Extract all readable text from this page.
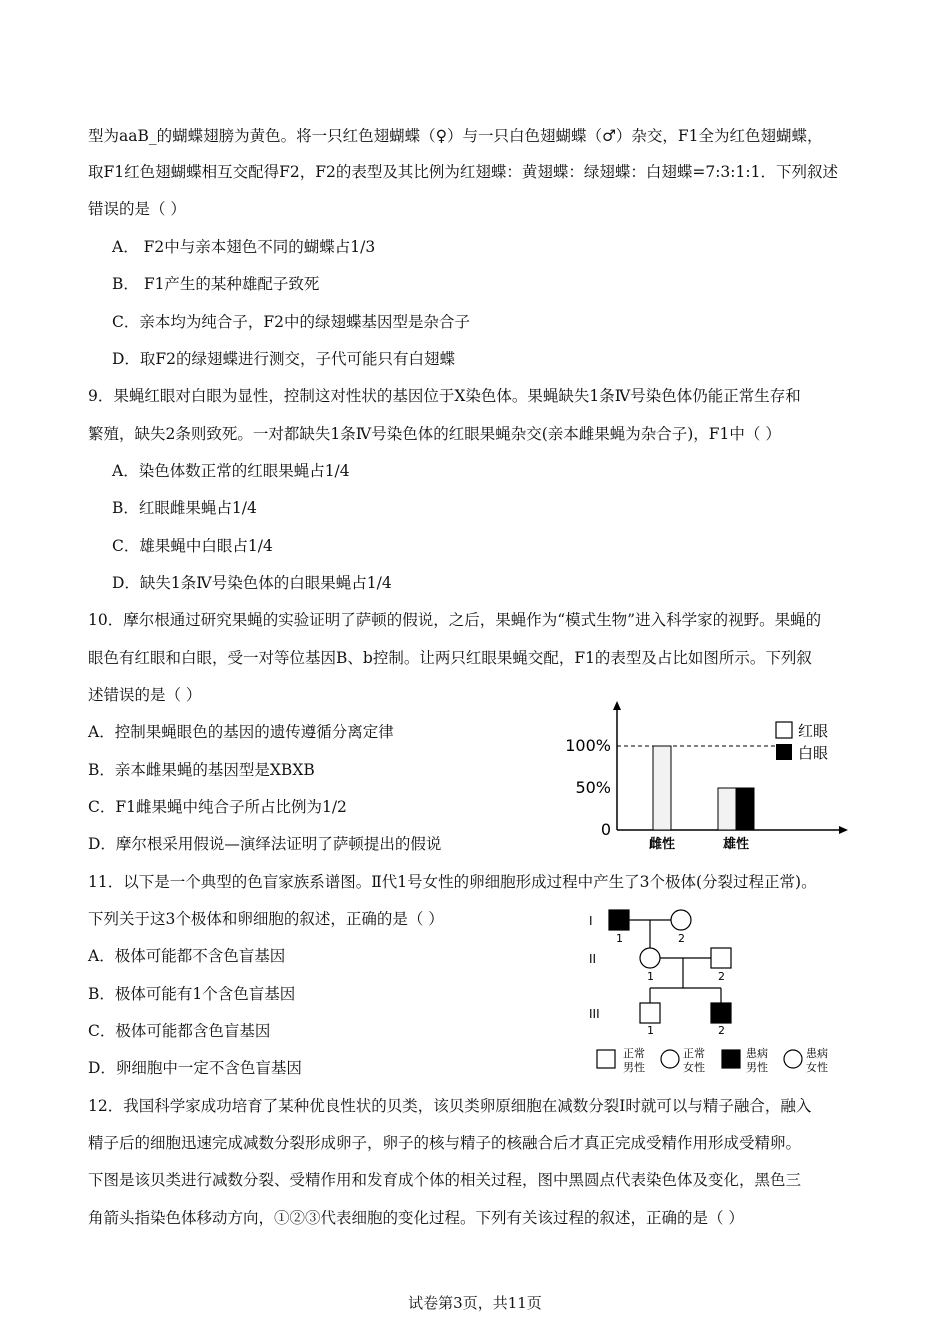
型为aaB_的蝴蝶翅膀为黄色。将一只红色翅蝴蝶（♀）与一只白色翅蝴蝶（♂）杂交，F1全为红色翅蝴蝶，
取F1红色翅蝴蝶相互交配得F2，F2的表型及其比例为红翅蝶：黄翅蝶：绿翅蝶：白翅蝶=7:3:1:1．下列叙述
错误的是（ ）
A． F2中与亲本翅色不同的蝴蝶占1/3
B． F1产生的某种雄配子致死
C．亲本均为纯合子，F2中的绿翅蝶基因型是杂合子
D．取F2的绿翅蝶进行测交，子代可能只有白翅蝶
9．果蝇红眼对白眼为显性，控制这对性状的基因位于X染色体。果蝇缺失1条Ⅳ号染色体仍能正常生存和
繁殖，缺失2条则致死。一对都缺失1条Ⅳ号染色体的红眼果蝇杂交(亲本雌果蝇为杂合子)，F1中（ ）
A．染色体数正常的红眼果蝇占1/4
B．红眼雌果蝇占1/4
C．雄果蝇中白眼占1/4
D．缺失1条Ⅳ号染色体的白眼果蝇占1/4
10．摩尔根通过研究果蝇的实验证明了萨顿的假说，之后，果蝇作为“模式生物”进入科学家的视野。果蝇的
眼色有红眼和白眼，受一对等位基因B、b控制。让两只红眼果蝇交配，F1的表型及占比如图所示。下列叙
述错误的是（ ）
A．控制果蝇眼色的基因的遗传遵循分离定律
B．亲本雌果蝇的基因型是XBXB
C．F1雌果蝇中纯合子所占比例为1/2
D．摩尔根采用假说—演绎法证明了萨顿提出的假说
100%
50%
0
雌性	雄性
红眼
白眼
11．以下是一个典型的色盲家族系谱图。Ⅱ代1号女性的卵细胞形成过程中产生了3个极体(分裂过程正常)。
下列关于这3个极体和卵细胞的叙述，正确的是（ ）
A．极体可能都不含色盲基因
B．极体可能有1个含色盲基因
C．极体可能都含色盲基因
D．卵细胞中一定不含色盲基因
I
II
III
1	2
1	2
1	2
正常
男性
正常
女性
患病
男性
患病
女性
12．我国科学家成功培育了某种优良性状的贝类，该贝类卵原细胞在减数分裂Ⅰ时就可以与精子融合，融入
精子后的细胞迅速完成减数分裂形成卵子，卵子的核与精子的核融合后才真正完成受精作用形成受精卵。
下图是该贝类进行减数分裂、受精作用和发育成个体的相关过程，图中黑圆点代表染色体及变化，黑色三
角箭头指染色体移动方向，①②③代表细胞的变化过程。下列有关该过程的叙述，正确的是（ ）
试卷第3页，共11页
